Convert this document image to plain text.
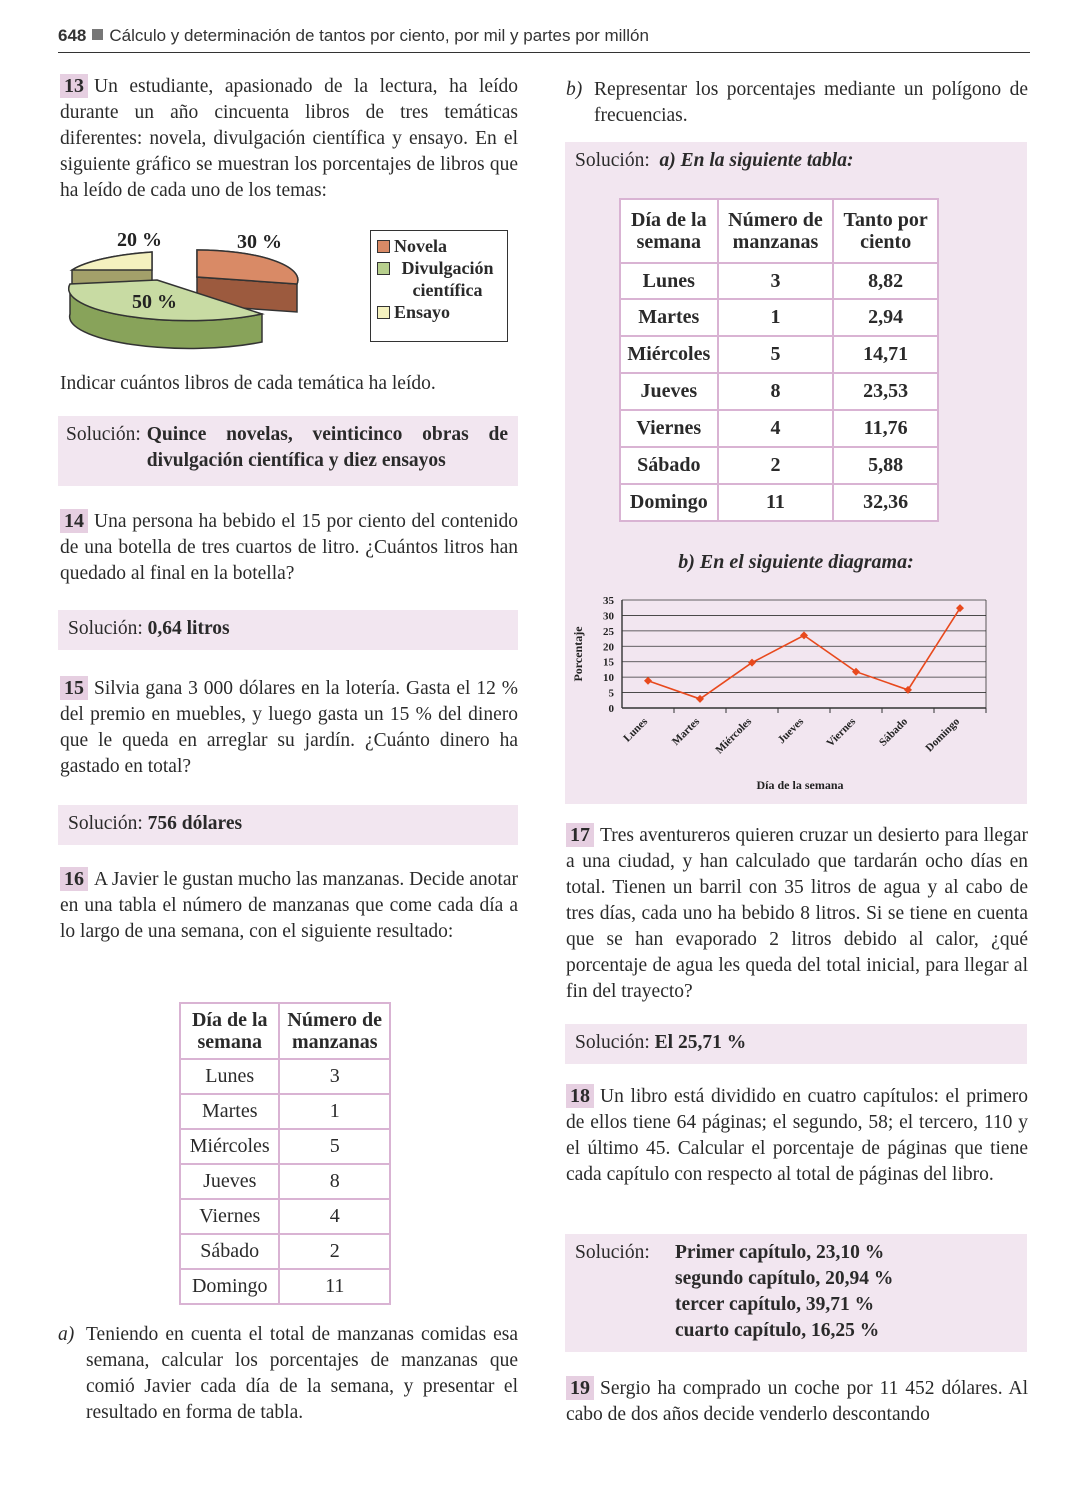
648 Cálculo y determinación de tantos por ciento, por mil y partes por millón

13 Un estudiante, apasionado de la lectura, ha leído durante un año cincuenta libros de tres temáticas diferentes: novela, divulgación científica y ensayo. En el siguiente gráfico se muestran los porcentajes de libros que ha leído de cada uno de los temas:

20 %	30 %
50 %
Novela
Divulgación científica
Ensayo
Indicar cuántos libros de cada temática ha leído.
Solución: Quince novelas, veinticinco obras de divulgación científica y diez ensayos

14 Una persona ha bebido el 15 por ciento del contenido de una botella de tres cuartos de litro. ¿Cuántos litros han quedado al final en la botella?

Solución: 0,64 litros

15 Silvia gana 3 000 dólares en la lotería. Gasta el 12 % del premio en muebles, y luego gasta un 15 % del dinero que le queda en arreglar su jardín. ¿Cuánto dinero ha gastado en total?

Solución: 756 dólares

16 A Javier le gustan mucho las manzanas. Decide anotar en una tabla el número de manzanas que come cada día a lo largo de una semana, con el siguiente resultado:

Día de la semana	Número de manzanas
Lunes	3
Martes	1
Miércoles	5
Jueves	8
Viernes	4
Sábado	2
Domingo	11
a) Teniendo en cuenta el total de manzanas comidas esa semana, calcular los porcentajes de manzanas que comió Javier cada día de la semana, y presentar el resultado en forma de tabla.
b) Representar los porcentajes mediante un polígono de frecuencias.
Solución: a) En la siguiente tabla:
Día de la semana	Número de manzanas	Tanto por ciento
Lunes	3	8,82
Martes	1	2,94
Miércoles	5	14,71
Jueves	8	23,53
Viernes	4	11,76
Sábado	2	5,88
Domingo	11	32,36
b) En el siguiente diagrama:
0
5
10
15
20
25
30
35
Lunes Martes Miércoles Jueves Viernes Sábado Domingo
Porcentaje
Día de la semana

17 Tres aventureros quieren cruzar un desierto para llegar a una ciudad, y han calculado que tardarán ocho días en total. Tienen un barril con 35 litros de agua y al cabo de tres días, cada uno ha bebido 8 litros. Si se tiene en cuenta que se han evaporado 2 litros debido al calor, ¿qué porcentaje de agua les queda del total inicial, para llegar al fin del trayecto?

Solución: El 25,71 %

18 Un libro está dividido en cuatro capítulos: el primero de ellos tiene 64 páginas; el segundo, 58; el tercero, 110 y el último 45. Calcular el porcentaje de páginas que tiene cada capítulo con respecto al total de páginas del libro.

Solución:	Primer capítulo, 23,10 %
segundo capítulo, 20,94 %
tercer capítulo, 39,71 %
cuarto capítulo, 16,25 %

19 Sergio ha comprado un coche por 11 452 dólares. Al cabo de dos años decide venderlo descontando
